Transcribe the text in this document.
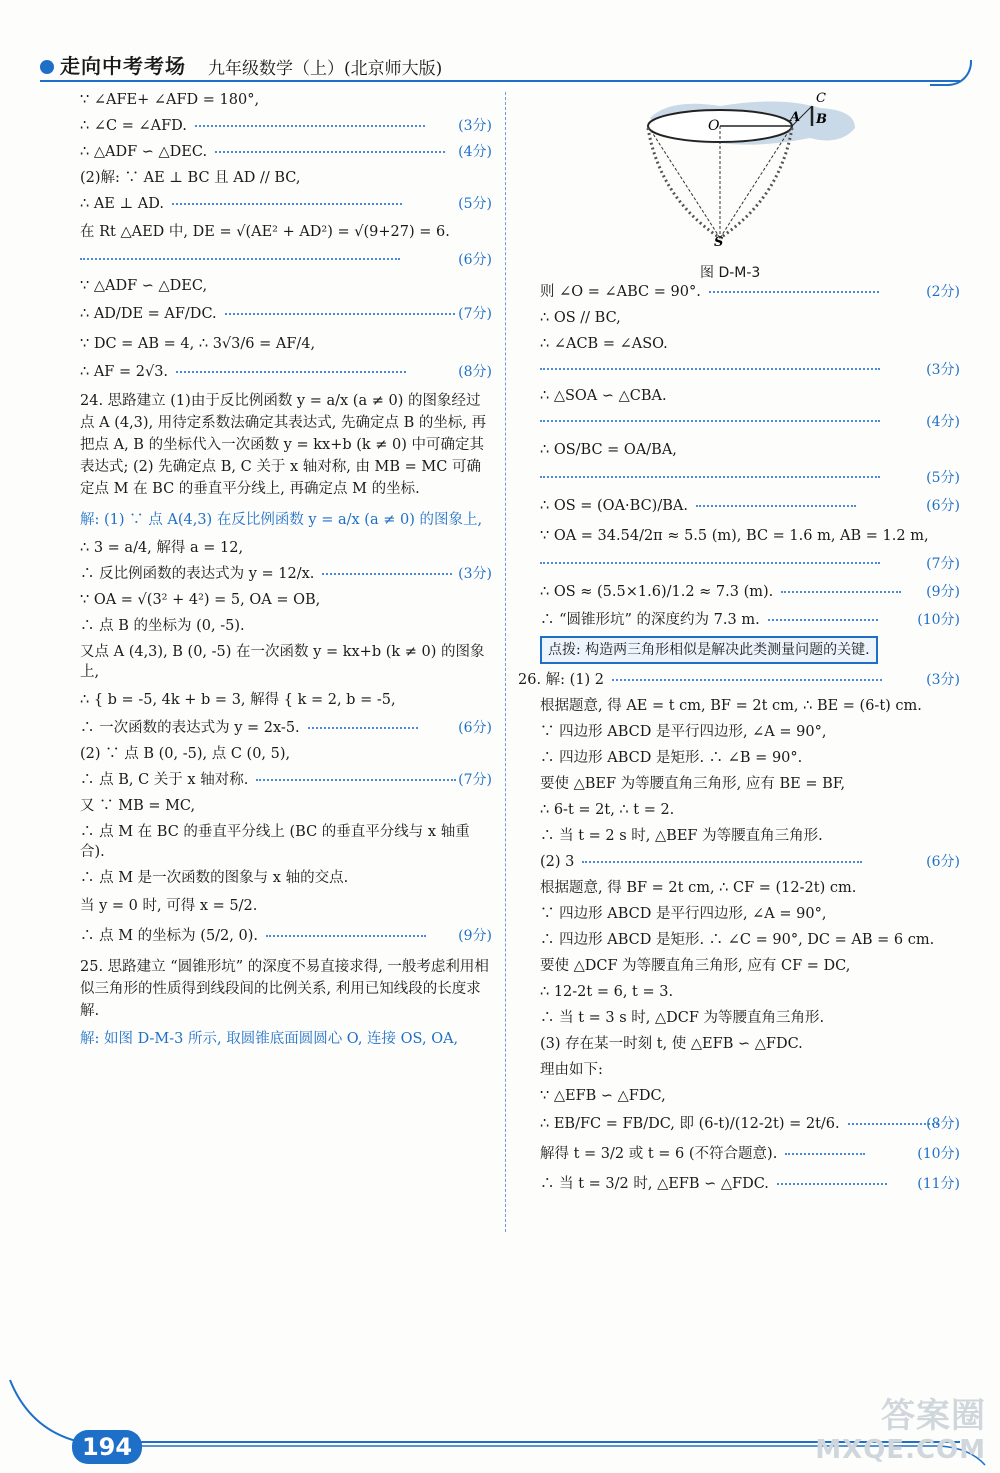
走向中考考场 九年级数学（上）(北京师大版)
∵ ∠AFE+ ∠AFD = 180°,
∴ ∠C = ∠AFD.	(3分)
∴ △ADF ∽ △DEC.	(4分)
(2)解: ∵ AE ⊥ BC 且 AD // BC,
∴ AE ⊥ AD.	(5分)
在 Rt △AED 中, DE = √(AE² + AD²) = √(9+27) = 6.
(6分)
∵ △ADF ∽ △DEC,
∴ AD/DE = AF/DC.	(7分)
∵ DC = AB = 4, ∴ 3√3/6 = AF/4,
∴ AF = 2√3.	(8分)
24. 思路建立 (1)由于反比例函数 y = a/x (a ≠ 0) 的图象经过点 A (4,3), 用待定系数法确定其表达式, 先确定点 B 的坐标, 再把点 A, B 的坐标代入一次函数 y = kx+b (k ≠ 0) 中可确定其表达式; (2) 先确定点 B, C 关于 x 轴对称, 由 MB = MC 可确定点 M 在 BC 的垂直平分线上, 再确定点 M 的坐标.
解: (1) ∵ 点 A(4,3) 在反比例函数 y = a/x (a ≠ 0) 的图象上,
∴ 3 = a/4, 解得 a = 12,
∴ 反比例函数的表达式为 y = 12/x.	(3分)
∵ OA = √(3² + 4²) = 5, OA = OB,
∴ 点 B 的坐标为 (0, -5).
又点 A (4,3), B (0, -5) 在一次函数 y = kx+b (k ≠ 0) 的图象上,
∴ { b = -5, 4k + b = 3, 解得 { k = 2, b = -5,
∴ 一次函数的表达式为 y = 2x-5.	(6分)
(2) ∵ 点 B (0, -5), 点 C (0, 5),
∴ 点 B, C 关于 x 轴对称.	(7分)
又 ∵ MB = MC,
∴ 点 M 在 BC 的垂直平分线上 (BC 的垂直平分线与 x 轴重合).
∴ 点 M 是一次函数的图象与 x 轴的交点.
当 y = 0 时, 可得 x = 5/2.
∴ 点 M 的坐标为 (5/2, 0).	(9分)
25. 思路建立 “圆锥形坑” 的深度不易直接求得, 一般考虑利用相似三角形的性质得到线段间的比例关系, 利用已知线段的长度求解.
解: 如图 D-M-3 所示, 取圆锥底面圆圆心 O, 连接 OS, OA,
O
A B
C
S
图 D-M-3
则 ∠O = ∠ABC = 90°.	(2分)
∴ OS // BC,
∴ ∠ACB = ∠ASO.
(3分)
∴ △SOA ∽ △CBA.
(4分)
∴ OS/BC = OA/BA,
(5分)
∴ OS = (OA·BC)/BA.	(6分)
∵ OA = 34.54/2π ≈ 5.5 (m), BC = 1.6 m, AB = 1.2 m,
(7分)
∴ OS ≈ (5.5×1.6)/1.2 ≈ 7.3 (m).	(9分)
∴ “圆锥形坑” 的深度约为 7.3 m.	(10分)
点拨: 构造两三角形相似是解决此类测量问题的关键.
26. 解: (1) 2	(3分)
根据题意, 得 AE = t cm, BF = 2t cm, ∴ BE = (6-t) cm.
∵ 四边形 ABCD 是平行四边形, ∠A = 90°,
∴ 四边形 ABCD 是矩形. ∴ ∠B = 90°.
要使 △BEF 为等腰直角三角形, 应有 BE = BF,
∴ 6-t = 2t, ∴ t = 2.
∴ 当 t = 2 s 时, △BEF 为等腰直角三角形.
(2) 3	(6分)
根据题意, 得 BF = 2t cm, ∴ CF = (12-2t) cm.
∵ 四边形 ABCD 是平行四边形, ∠A = 90°,
∴ 四边形 ABCD 是矩形. ∴ ∠C = 90°, DC = AB = 6 cm.
要使 △DCF 为等腰直角三角形, 应有 CF = DC,
∴ 12-2t = 6, t = 3.
∴ 当 t = 3 s 时, △DCF 为等腰直角三角形.
(3) 存在某一时刻 t, 使 △EFB ∽ △FDC.
理由如下:
∵ △EFB ∽ △FDC,
∴ EB/FC = FB/DC, 即 (6-t)/(12-2t) = 2t/6.	(8分)
解得 t = 3/2 或 t = 6 (不符合题意).	(10分)
∴ 当 t = 3/2 时, △EFB ∽ △FDC.	(11分)
194
答案圈
MXQE.COM
